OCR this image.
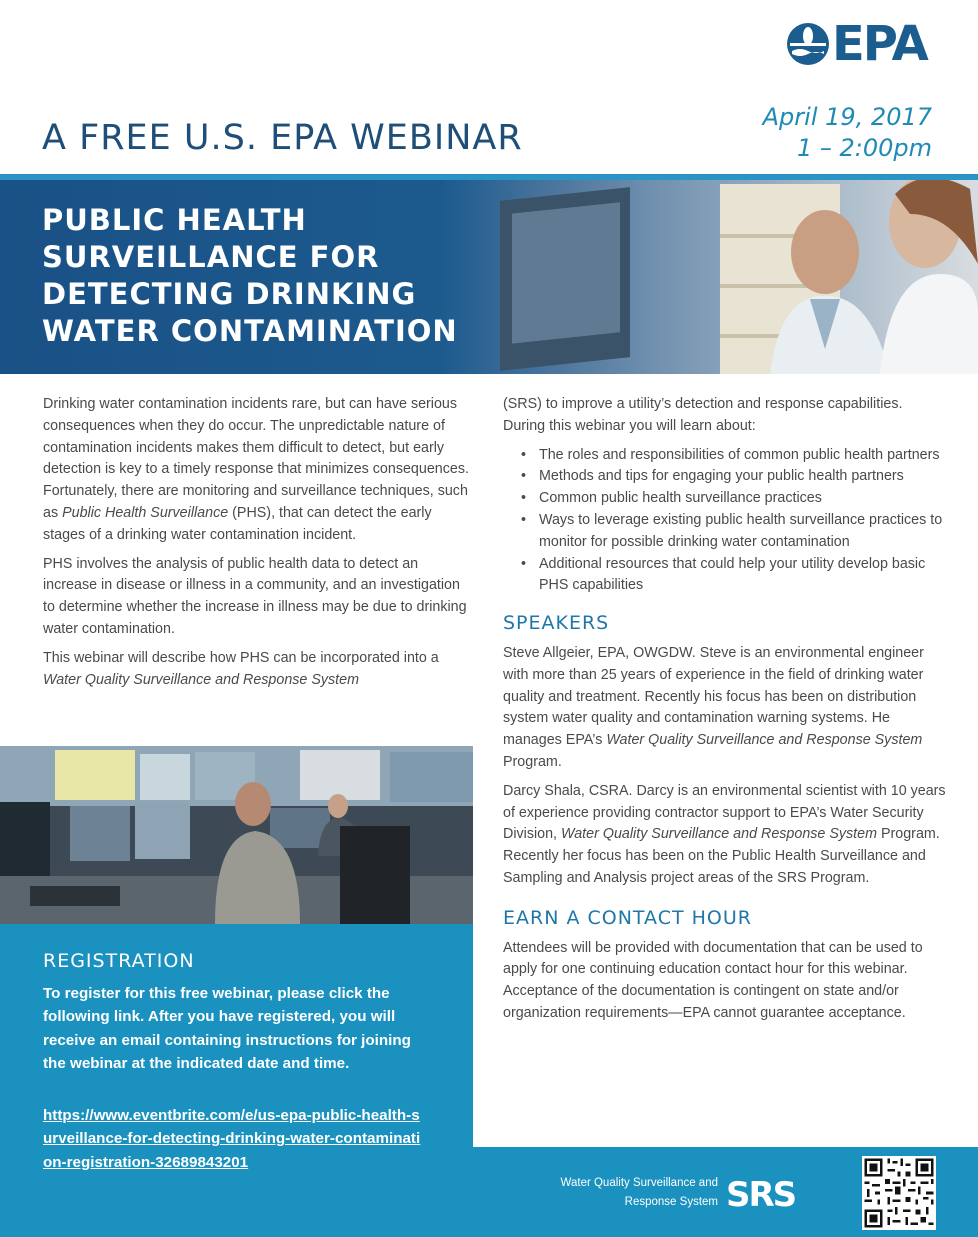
EPA
A FREE U.S. EPA WEBINAR
April 19, 2017
1 – 2:00pm
PUBLIC HEALTH SURVEILLANCE FOR DETECTING DRINKING WATER CONTAMINATION

Drinking water contamination incidents rare, but can have serious consequences when they do occur. The unpredictable nature of contamination incidents makes them difficult to detect, but early detection is key to a timely response that minimizes consequences. Fortunately, there are monitoring and surveillance techniques, such as Public Health Surveillance (PHS), that can detect the early stages of a drinking water contamination incident.

PHS involves the analysis of public health data to detect an increase in disease or illness in a community, and an investigation to determine whether the increase in illness may be due to drinking water contamination.

This webinar will describe how PHS can be incorporated into a Water Quality Surveillance and Response System

(SRS) to improve a utility’s detection and response capabilities. During this webinar you will learn about:

• The roles and responsibilities of common public health partners
• Methods and tips for engaging your public health partners
• Common public health surveillance practices
• Ways to leverage existing public health surveillance practices to monitor for possible drinking water contamination
• Additional resources that could help your utility develop basic PHS capabilities
SPEAKERS

Steve Allgeier, EPA, OWGDW. Steve is an environmental engineer with more than 25 years of experience in the field of drinking water quality and treatment. Recently his focus has been on distribution system water quality and contamination warning systems. He manages EPA’s Water Quality Surveillance and Response System Program.

Darcy Shala, CSRA. Darcy is an environmental scientist with 10 years of experience providing contractor support to EPA’s Water Security Division, Water Quality Surveillance and Response System Program. Recently her focus has been on the Public Health Surveillance and Sampling and Analysis project areas of the SRS Program.

EARN A CONTACT HOUR

Attendees will be provided with documentation that can be used to apply for one continuing education contact hour for this webinar. Acceptance of the documentation is contingent on state and/or organization requirements—EPA cannot guarantee acceptance.

REGISTRATION
To register for this free webinar, please click the following link. After you have registered, you will receive an email containing instructions for joining the webinar at the indicated date and time.
https://www.eventbrite.com/e/us-epa-public-health-surveillance-for-detecting-drinking-water-contamination-registration-32689843201
Water Quality Surveillance and
Response System SRS
